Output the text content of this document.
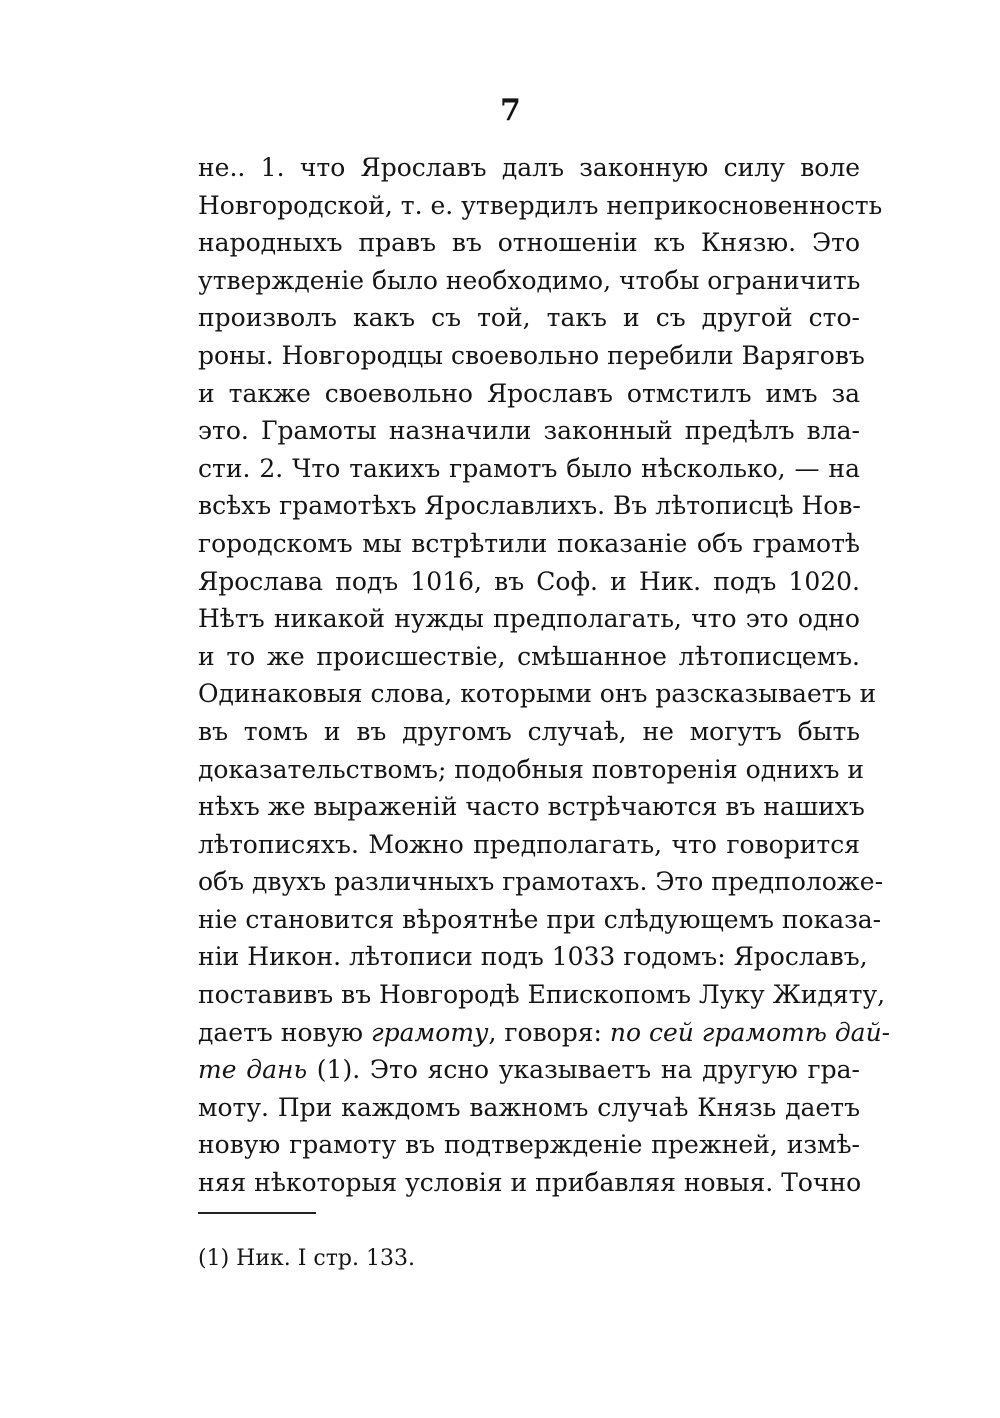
7
не.. 1. что Ярославъ далъ законную силу воле
Новгородской, т. е. утвердилъ неприкосновенность
народныхъ правъ въ отношеніи къ Князю. Это
утвержденіе было необходимо, чтобы ограничить
произволъ какъ съ той, такъ и съ другой сто-
роны. Новгородцы своевольно перебили Варяговъ
и также своевольно Ярославъ отмстилъ имъ за
это. Грамоты назначили законный предѣлъ вла-
сти. 2. Что такихъ грамотъ было нѣсколько, — на
всѣхъ грамотѣхъ Ярославлихъ. Въ лѣтописцѣ Нов-
городскомъ мы встрѣтили показаніе объ грамотѣ
Ярослава подъ 1016, въ Соф. и Ник. подъ 1020.
Нѣтъ никакой нужды предполагать, что это одно
и то же происшествіе, смѣшанное лѣтописцемъ.
Одинаковыя слова, которыми онъ разсказываетъ и
въ томъ и въ другомъ случаѣ, не могутъ быть
доказательствомъ; подобныя повторенія однихъ и
нѣхъ же выраженій часто встрѣчаются въ нашихъ
лѣтописяхъ. Можно предполагать, что говорится
объ двухъ различныхъ грамотахъ. Это предположе-
ніе становится вѣроятнѣе при слѣдующемъ показа-
ніи Никон. лѣтописи подъ 1033 годомъ: Ярославъ,
поставивъ въ Новгородѣ Епископомъ Луку Жидяту,
даетъ новую грамоту, говоря: по сей грамотѣ дай-
те дань (1). Это ясно указываетъ на другую гра-
моту. При каждомъ важномъ случаѣ Князь даетъ
новую грамоту въ подтвержденіе прежней, измѣ-
няя нѣкоторыя условія и прибавляя новыя. Точно
(1) Ник. I стр. 133.
